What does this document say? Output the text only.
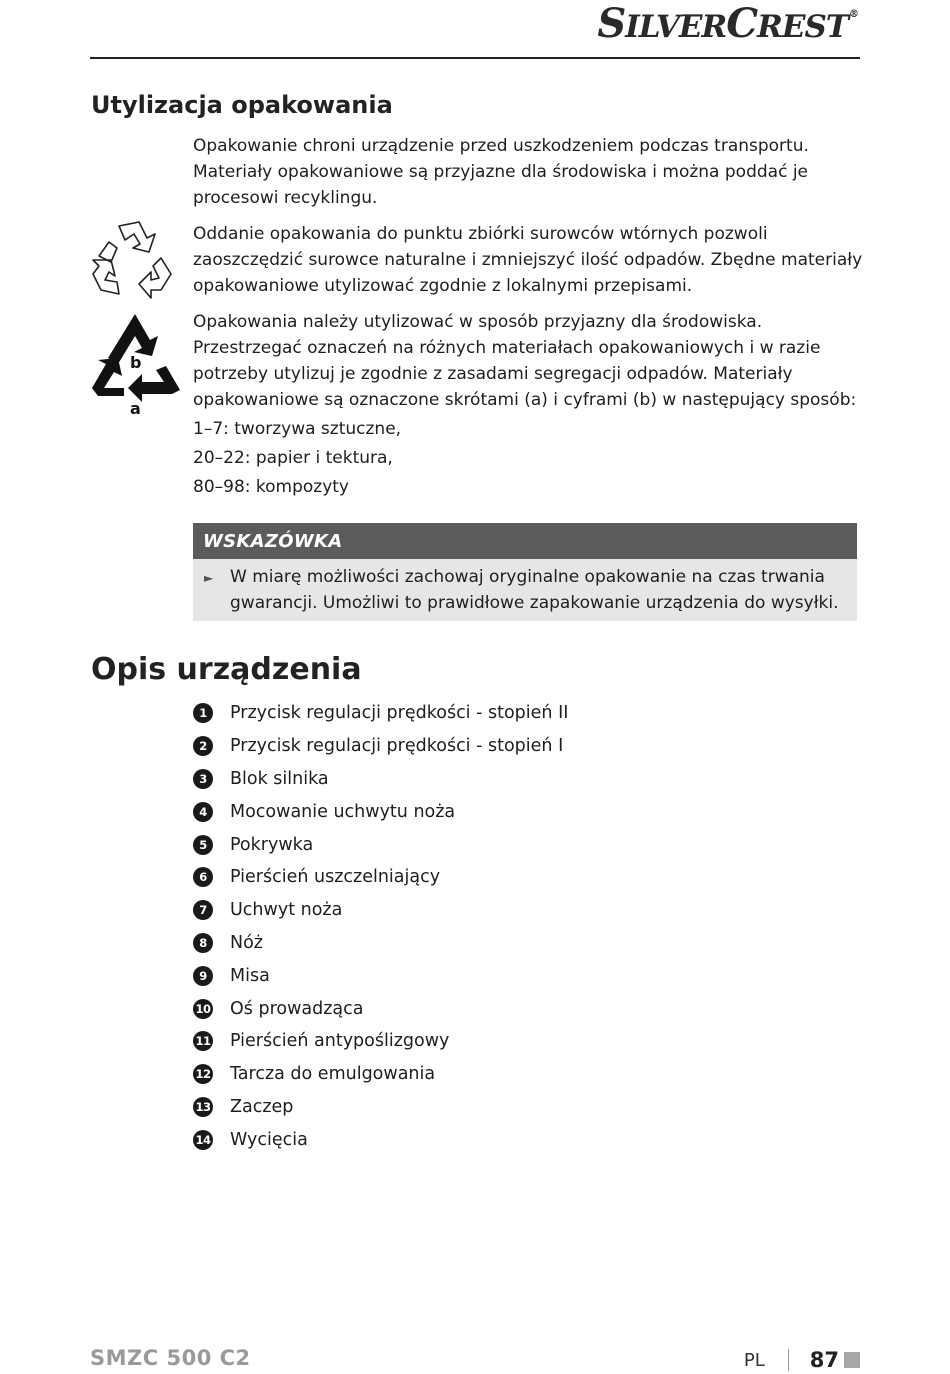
SILVERCREST®
Utylizacja opakowania

Opakowanie chroni urządzenie przed uszkodzeniem podczas transportu. Materiały opakowaniowe są przyjazne dla środowiska i można poddać je procesowi recyklingu.

Oddanie opakowania do punktu zbiórki surowców wtórnych pozwoli zaoszczędzić surowce naturalne i zmniejszyć ilość odpadów. Zbędne materiały opakowaniowe utylizować zgodnie z lokalnymi przepisami.

Opakowania należy utylizować w sposób przyjazny dla środowiska. Przestrzegać oznaczeń na różnych materiałach opakowaniowych i w razie potrzeby utylizuj je zgodnie z zasadami segregacji odpadów. Materiały opakowaniowe są oznaczone skrótami (a) i cyframi (b) w następujący sposób:

b
a
1–7: tworzywa sztuczne,
20–22: papier i tektura,
80–98: kompozyty
WSKAZÓWKA
► W miarę możliwości zachowaj oryginalne opakowanie na czas trwania gwarancji. Umożliwi to prawidłowe zapakowanie urządzenia do wysyłki.
Opis urządzenia
1	Przycisk regulacji prędkości - stopień II
2	Przycisk regulacji prędkości - stopień I
3	Blok silnika
4	Mocowanie uchwytu noża
5	Pokrywka
6	Pierścień uszczelniający
7	Uchwyt noża
8	Nóż
9	Misa
10 Oś prowadząca
11 Pierścień antypoślizgowy
12 Tarcza do emulgowania
13 Zaczep
14 Wycięcia
SMZC 500 C2	PL 87
